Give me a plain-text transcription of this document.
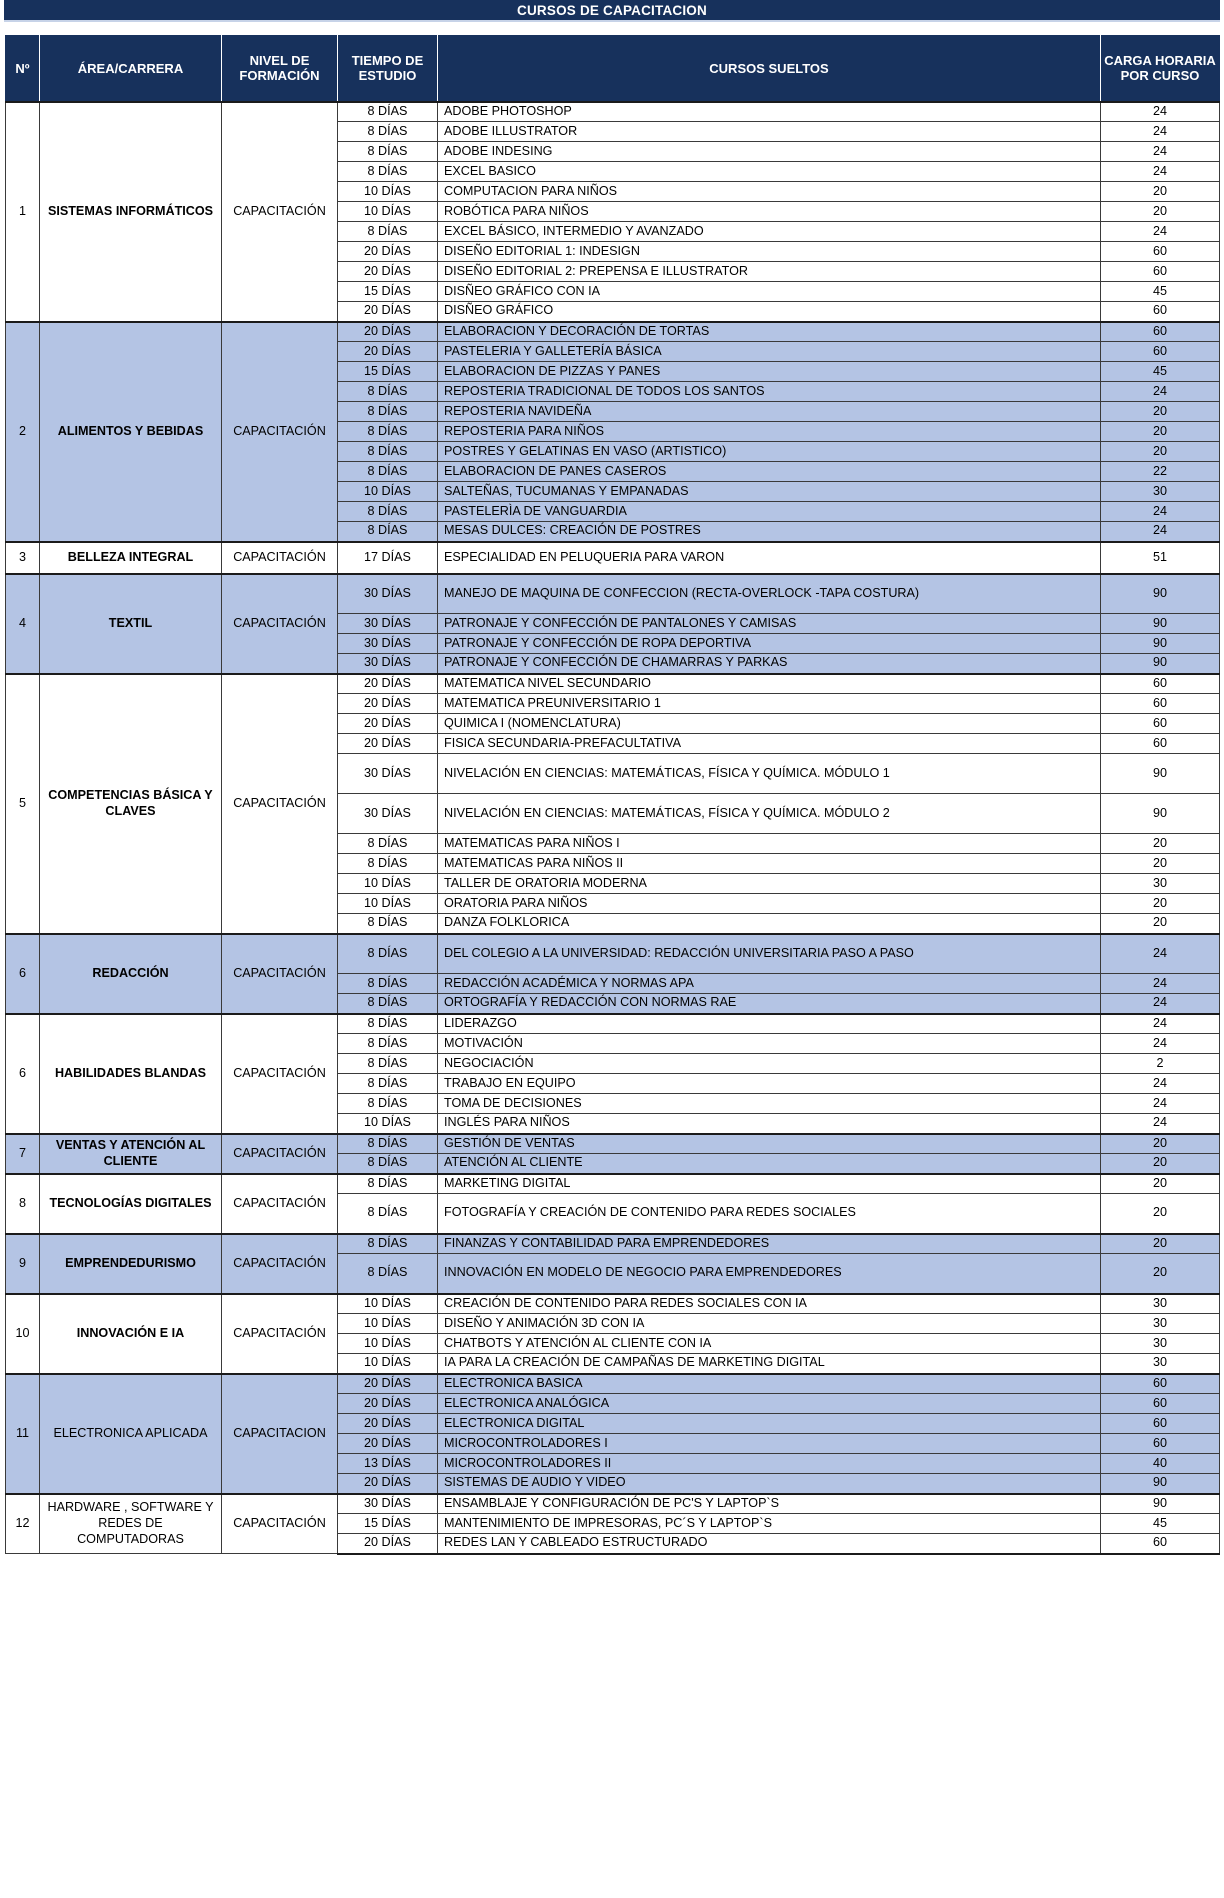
CURSOS DE CAPACITACION
Nº	ÁREA/CARRERA	NIVEL DE FORMACIÓN	TIEMPO DE ESTUDIO	CURSOS SUELTOS	CARGA HORARIA POR CURSO
1	SISTEMAS INFORMÁTICOS	CAPACITACIÓN	8 DÍAS	ADOBE PHOTOSHOP	24
			8 DÍAS	ADOBE ILLUSTRATOR	24
			8 DÍAS	ADOBE INDESING	24
			8 DÍAS	EXCEL BASICO	24
			10 DÍAS	COMPUTACION PARA NIÑOS	20
			10 DÍAS	ROBÓTICA PARA NIÑOS	20
			8 DÍAS	EXCEL BÁSICO, INTERMEDIO Y AVANZADO	24
			20 DÍAS	DISEÑO EDITORIAL 1: INDESIGN	60
			20 DÍAS	DISEÑO EDITORIAL 2: PREPENSA E ILLUSTRATOR	60
			15 DÍAS	DISÑEO GRÁFICO CON IA	45
			20 DÍAS	DISÑEO GRÁFICO	60
2	ALIMENTOS Y BEBIDAS	CAPACITACIÓN	20 DÍAS	ELABORACION Y DECORACIÓN DE TORTAS	60
			20 DÍAS	PASTELERIA Y GALLETERÍA BÁSICA	60
			15 DÍAS	ELABORACION DE PIZZAS Y PANES	45
			8 DÍAS	REPOSTERIA TRADICIONAL DE TODOS LOS SANTOS	24
			8 DÍAS	REPOSTERIA NAVIDEÑA	20
			8 DÍAS	REPOSTERIA PARA NIÑOS	20
			8 DÍAS	POSTRES Y GELATINAS EN VASO (ARTISTICO)	20
			8 DÍAS	ELABORACION DE PANES CASEROS	22
			10 DÍAS	SALTEÑAS, TUCUMANAS Y EMPANADAS	30
			8 DÍAS	PASTELERÌA DE VANGUARDIA	24
			8 DÍAS	MESAS DULCES: CREACIÓN DE POSTRES	24
3	BELLEZA INTEGRAL	CAPACITACIÓN	17 DÍAS	ESPECIALIDAD EN PELUQUERIA PARA VARON	51
4	TEXTIL	CAPACITACIÓN	30 DÍAS	MANEJO DE MAQUINA DE CONFECCION (RECTA-OVERLOCK -TAPA COSTURA)	90
			30 DÍAS	PATRONAJE Y CONFECCIÓN DE PANTALONES Y CAMISAS	90
			30 DÍAS	PATRONAJE Y CONFECCIÓN DE ROPA DEPORTIVA	90
			30 DÍAS	PATRONAJE Y CONFECCIÓN DE CHAMARRAS Y PARKAS	90
5	COMPETENCIAS BÁSICA Y CLAVES	CAPACITACIÓN	20 DÍAS	MATEMATICA NIVEL SECUNDARIO	60
			20 DÍAS	MATEMATICA PREUNIVERSITARIO 1	60
			20 DÍAS	QUIMICA I (NOMENCLATURA)	60
			20 DÍAS	FISICA SECUNDARIA-PREFACULTATIVA	60
			30 DÍAS	NIVELACIÓN EN CIENCIAS: MATEMÁTICAS, FÍSICA Y QUÍMICA. MÓDULO 1	90
			30 DÍAS	NIVELACIÓN EN CIENCIAS: MATEMÁTICAS, FÍSICA Y QUÍMICA. MÓDULO 2	90
			8 DÍAS	MATEMATICAS PARA NIÑOS I	20
			8 DÍAS	MATEMATICAS PARA NIÑOS II	20
			10 DÍAS	TALLER DE ORATORIA MODERNA	30
			10 DÍAS	ORATORIA PARA NIÑOS	20
			8 DÍAS	DANZA FOLKLORICA	20
6	REDACCIÓN	CAPACITACIÓN	8 DÍAS	DEL COLEGIO A LA UNIVERSIDAD: REDACCIÓN UNIVERSITARIA PASO A PASO	24
			8 DÍAS	REDACCIÓN ACADÉMICA Y NORMAS APA	24
			8 DÍAS	ORTOGRAFÍA Y REDACCIÓN CON NORMAS RAE	24
6	HABILIDADES BLANDAS	CAPACITACIÓN	8 DÍAS	LIDERAZGO	24
			8 DÍAS	MOTIVACIÓN	24
			8 DÍAS	NEGOCIACIÓN	2
			8 DÍAS	TRABAJO EN EQUIPO	24
			8 DÍAS	TOMA DE DECISIONES	24
			10 DÍAS	INGLÉS PARA NIÑOS	24
7	VENTAS Y ATENCIÓN AL CLIENTE	CAPACITACIÓN	8 DÍAS	GESTIÓN DE VENTAS	20
			8 DÍAS	ATENCIÓN AL CLIENTE	20
8	TECNOLOGÍAS DIGITALES	CAPACITACIÓN	8 DÍAS	MARKETING DIGITAL	20
			8 DÍAS	FOTOGRAFÍA Y CREACIÓN DE CONTENIDO PARA REDES SOCIALES	20
9	EMPRENDEDURISMO	CAPACITACIÓN	8 DÍAS	FINANZAS Y CONTABILIDAD PARA EMPRENDEDORES	20
			8 DÍAS	INNOVACIÓN EN MODELO DE NEGOCIO PARA EMPRENDEDORES	20
10	INNOVACIÓN E IA	CAPACITACIÓN	10 DÍAS	CREACIÓN DE CONTENIDO PARA REDES SOCIALES CON IA	30
			10 DÍAS	DISEÑO Y ANIMACIÓN 3D CON IA	30
			10 DÍAS	CHATBOTS Y ATENCIÓN AL CLIENTE CON IA	30
			10 DÍAS	IA PARA LA CREACIÓN DE CAMPAÑAS DE MARKETING DIGITAL	30
11	ELECTRONICA APLICADA	CAPACITACION	20 DÍAS	ELECTRONICA BASICA	60
			20 DÍAS	ELECTRONICA ANALÓGICA	60
			20 DÍAS	ELECTRONICA DIGITAL	60
			20 DÍAS	MICROCONTROLADORES I	60
			13 DÍAS	MICROCONTROLADORES II	40
			20 DÍAS	SISTEMAS DE AUDIO Y VIDEO	90
12	HARDWARE , SOFTWARE Y REDES DE COMPUTADORAS	CAPACITACIÓN	30 DÍAS	ENSAMBLAJE Y CONFIGURACIÓN DE PC'S Y LAPTOP`S	90
			15 DÍAS	MANTENIMIENTO DE IMPRESORAS, PC´S Y LAPTOP`S	45
			20 DÍAS	REDES LAN Y CABLEADO ESTRUCTURADO	60
